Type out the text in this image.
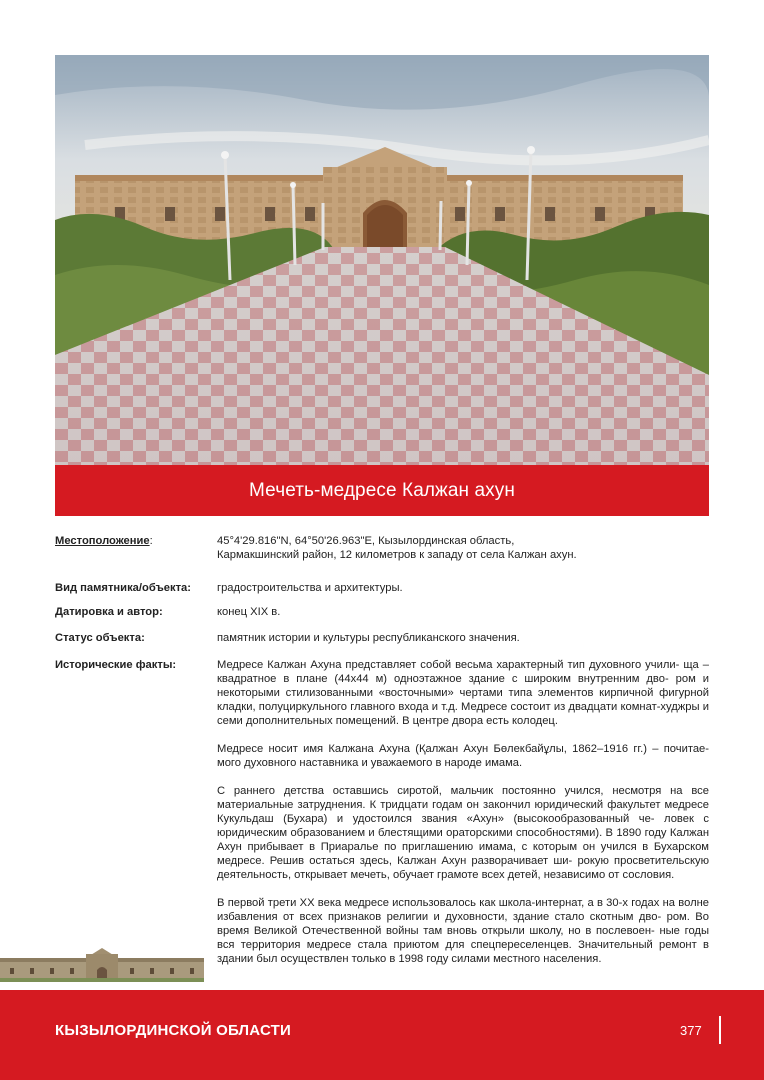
Мечеть-медресе Калжан ахун
Местоположение:	45°4'29.816"N, 64°50'26.963"E, Кызылординская область,

Кармакшинский район, 12 километров к западу от села Калжан ахун.

Вид памятника/объекта:	градостроительства и архитектуры.
Датировка и автор:	конец XIX в.
Статус объекта:	памятник истории и культуры республиканского значения.
Исторические факты:	Медресе Калжан Ахуна представляет собой весьма характерный тип духовного учили- ща – квадратное в плане (44х44 м) одноэтажное здание с широким внутренним дво- ром и некоторыми стилизованными «восточными» чертами типа элементов кирпичной фигурной кладки, полуциркульного главного входа и т.д. Медресе состоит из двадцати комнат-худжры и семи дополнительных помещений. В центре двора есть колодец.

Медресе носит имя Калжана Ахуна (Қалжан Ахун Бөлекбайұлы, 1862–1916 гг.) – почитае- мого духовного наставника и уважаемого в народе имама.

С раннего детства оставшись сиротой, мальчик постоянно учился, несмотря на все материальные затруднения. К тридцати годам он закончил юридический факультет медресе Кукульдаш (Бухара) и удостоился звания «Ахун» (высокообразованный че- ловек с юридическим образованием и блестящими ораторскими способностями). В 1890 году Калжан Ахун прибывает в Приаралье по приглашению имама, с которым он учился в Бухарском медресе. Решив остаться здесь, Калжан Ахун разворачивает ши- рокую просветительскую деятельность, открывает мечеть, обучает грамоте всех детей, независимо от сословия.

В первой трети XX века медресе использовалось как школа-интернат, а в 30-х годах на волне избавления от всех признаков религии и духовности, здание стало скотным дво- ром. Во время Великой Отечественной войны там вновь открыли школу, но в послевоен- ные годы вся территория медресе стала приютом для спецпереселенцев. Значительный ремонт в здании был осуществлен только в 1998 году силами местного населения.

КЫЗЫЛОРДИНСКОЙ ОБЛАСТИ	377
